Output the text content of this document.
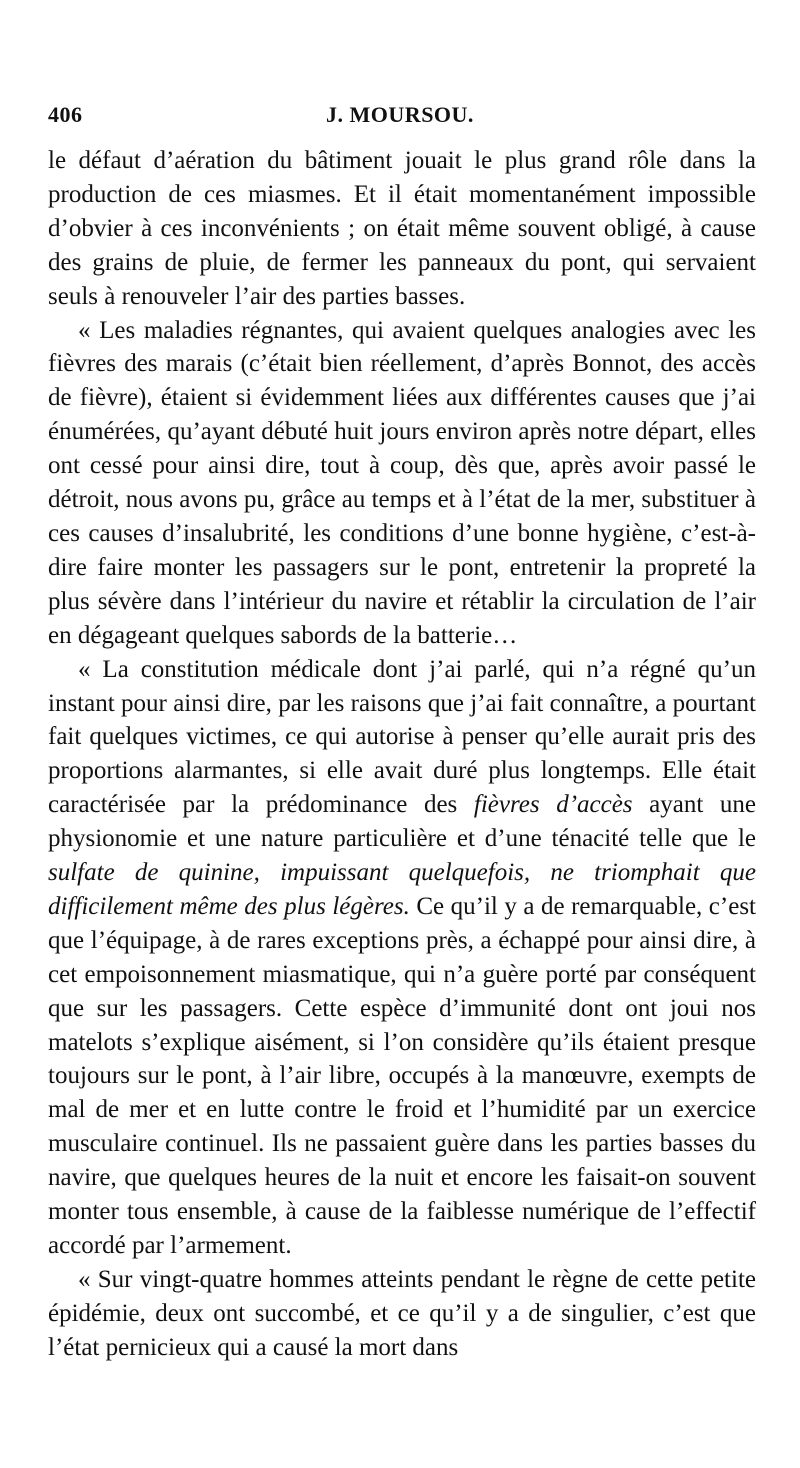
406	J. MOURSOU.

le défaut d’aération du bâtiment jouait le plus grand rôle dans la production de ces miasmes. Et il était momentanément impossible d’obvier à ces inconvénients ; on était même souvent obligé, à cause des grains de pluie, de fermer les panneaux du pont, qui servaient seuls à renouveler l’air des parties basses.

« Les maladies régnantes, qui avaient quelques analogies avec les fièvres des marais (c’était bien réellement, d’après Bonnot, des accès de fièvre), étaient si évidemment liées aux différentes causes que j’ai énumérées, qu’ayant débuté huit jours environ après notre départ, elles ont cessé pour ainsi dire, tout à coup, dès que, après avoir passé le détroit, nous avons pu, grâce au temps et à l’état de la mer, substituer à ces causes d’insalubrité, les conditions d’une bonne hygiène, c’est-à-dire faire monter les passagers sur le pont, entretenir la propreté la plus sévère dans l’intérieur du navire et rétablir la circulation de l’air en dégageant quelques sabords de la batterie…

« La constitution médicale dont j’ai parlé, qui n’a régné qu’un instant pour ainsi dire, par les raisons que j’ai fait connaître, a pourtant fait quelques victimes, ce qui autorise à penser qu’elle aurait pris des proportions alarmantes, si elle avait duré plus longtemps. Elle était caractérisée par la prédominance des fièvres d’accès ayant une physionomie et une nature particulière et d’une ténacité telle que le sulfate de quinine, impuissant quelquefois, ne triomphait que difficilement même des plus légères. Ce qu’il y a de remarquable, c’est que l’équipage, à de rares exceptions près, a échappé pour ainsi dire, à cet empoisonnement miasmatique, qui n’a guère porté par conséquent que sur les passagers. Cette espèce d’immunité dont ont joui nos matelots s’explique aisément, si l’on considère qu’ils étaient presque toujours sur le pont, à l’air libre, occupés à la manœuvre, exempts de mal de mer et en lutte contre le froid et l’humidité par un exercice musculaire continuel. Ils ne passaient guère dans les parties basses du navire, que quelques heures de la nuit et encore les faisait-on souvent monter tous ensemble, à cause de la faiblesse numérique de l’effectif accordé par l’armement.

« Sur vingt-quatre hommes atteints pendant le règne de cette petite épidémie, deux ont succombé, et ce qu’il y a de singulier, c’est que l’état pernicieux qui a causé la mort dans
